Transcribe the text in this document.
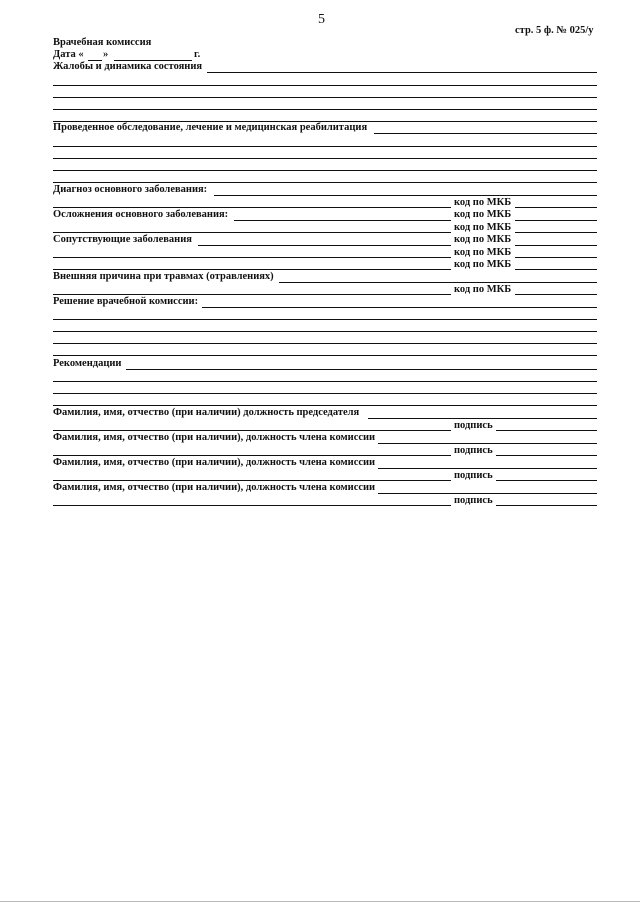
5
стр. 5 ф. № 025/у
Врачебная комиссия
Дата « »	г.
Жалобы и динамика состояния
Проведенное обследование, лечение и медицинская реабилитация
Диагноз основного заболевания:
код по МКБ
Осложнения основного заболевания:	код по МКБ
код по МКБ
Сопутствующие заболевания	код по МКБ
код по МКБ
код по МКБ
Внешняя причина при травмах (отравлениях)
код по МКБ
Решение врачебной комиссии:
Рекомендации
Фамилия, имя, отчество (при наличии) должность председателя
подпись
Фамилия, имя, отчество (при наличии), должность члена комиссии
подпись
Фамилия, имя, отчество (при наличии), должность члена комиссии
подпись
Фамилия, имя, отчество (при наличии), должность члена комиссии
подпись
